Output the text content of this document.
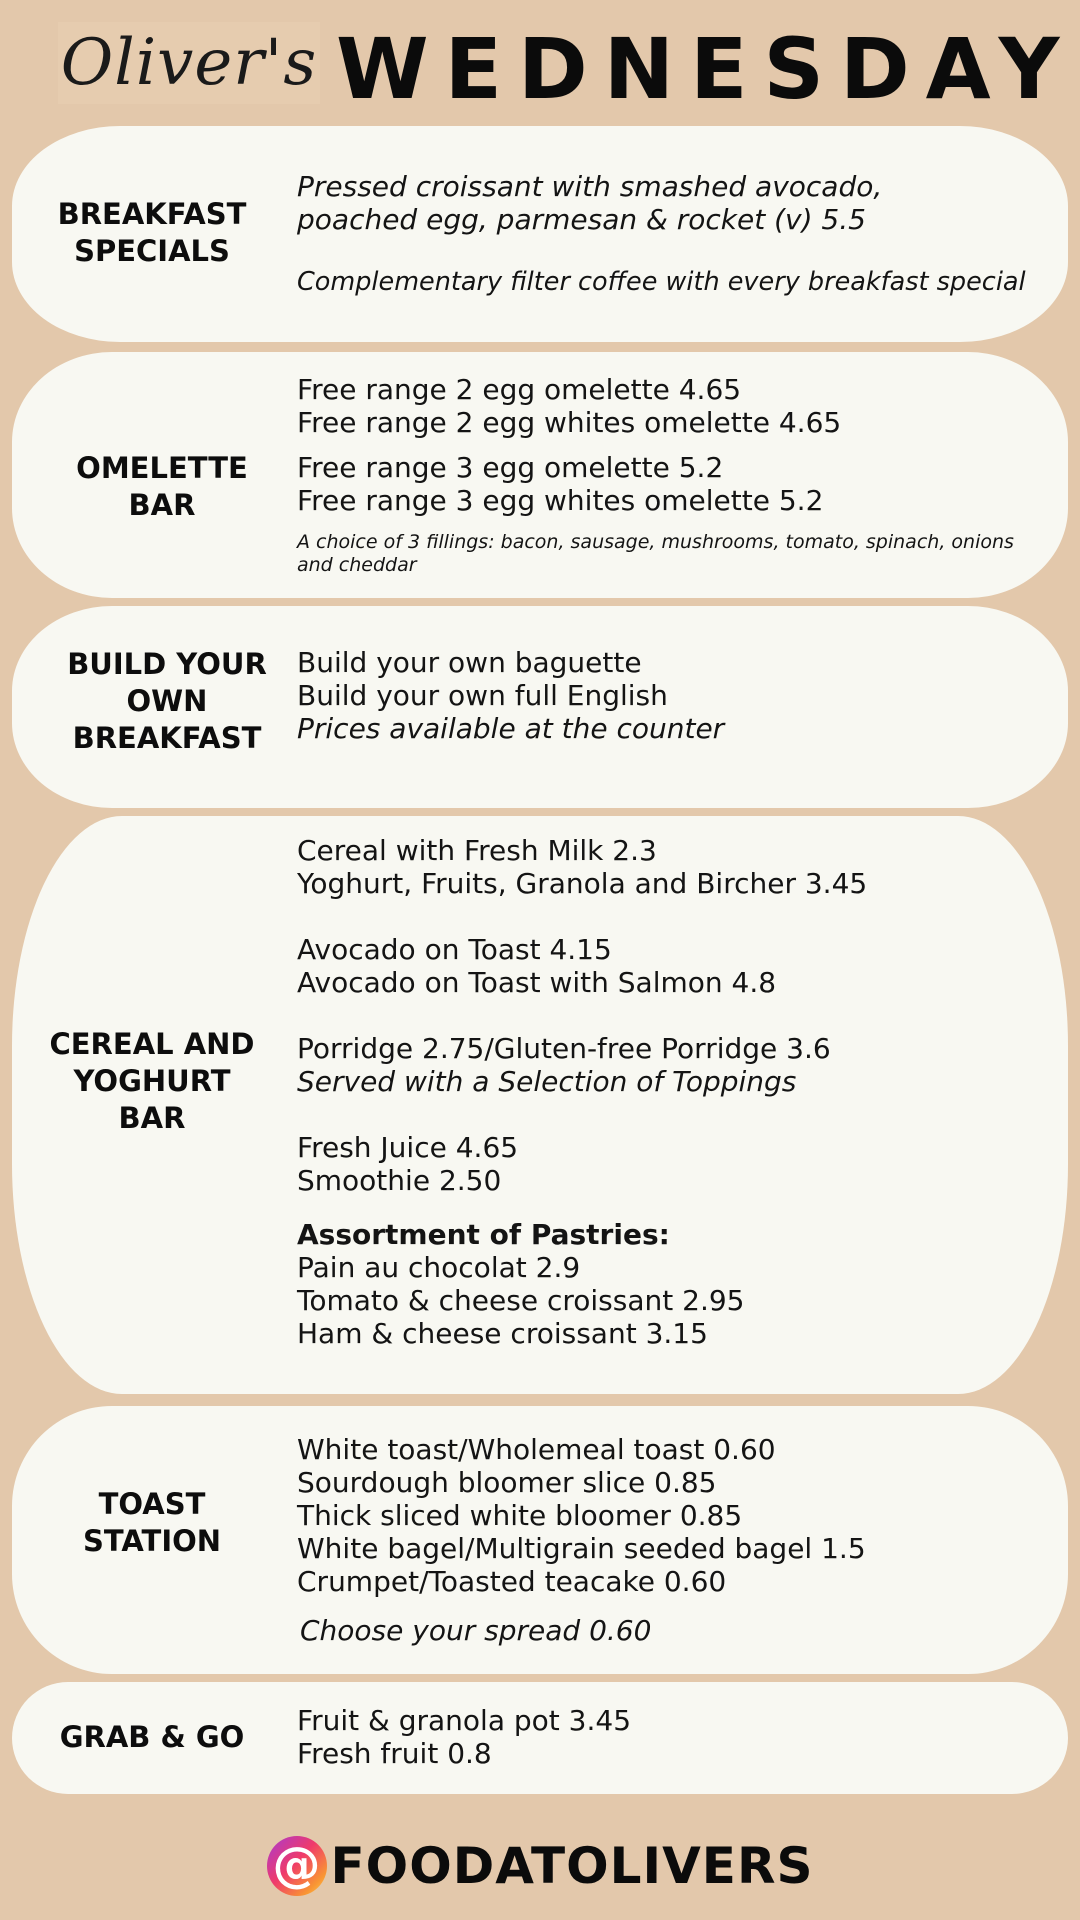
Oliver's WEDNESDAY
BREAKFAST
SPECIALS
Pressed croissant with smashed avocado,
poached egg, parmesan & rocket (v) 5.5
Complementary filter coffee with every breakfast special
OMELETTE
BAR
Free range 2 egg omelette 4.65
Free range 2 egg whites omelette 4.65
Free range 3 egg omelette 5.2
Free range 3 egg whites omelette 5.2
A choice of 3 fillings: bacon, sausage, mushrooms, tomato, spinach, onions and cheddar
BUILD YOUR
OWN
BREAKFAST
Build your own baguette
Build your own full English
Prices available at the counter
CEREAL AND
YOGHURT
BAR
Cereal with Fresh Milk 2.3
Yoghurt, Fruits, Granola and Bircher 3.45
Avocado on Toast 4.15
Avocado on Toast with Salmon 4.8
Porridge 2.75/Gluten-free Porridge 3.6
Served with a Selection of Toppings
Fresh Juice 4.65
Smoothie 2.50
Assortment of Pastries:
Pain au chocolat 2.9
Tomato & cheese croissant 2.95
Ham & cheese croissant 3.15
TOAST
STATION
White toast/Wholemeal toast 0.60
Sourdough bloomer slice 0.85
Thick sliced white bloomer 0.85
White bagel/Multigrain seeded bagel 1.5
Crumpet/Toasted teacake 0.60
Choose your spread 0.60
GRAB & GO	Fruit & granola pot 3.45
Fresh fruit 0.8
@ FOODATOLIVERS
